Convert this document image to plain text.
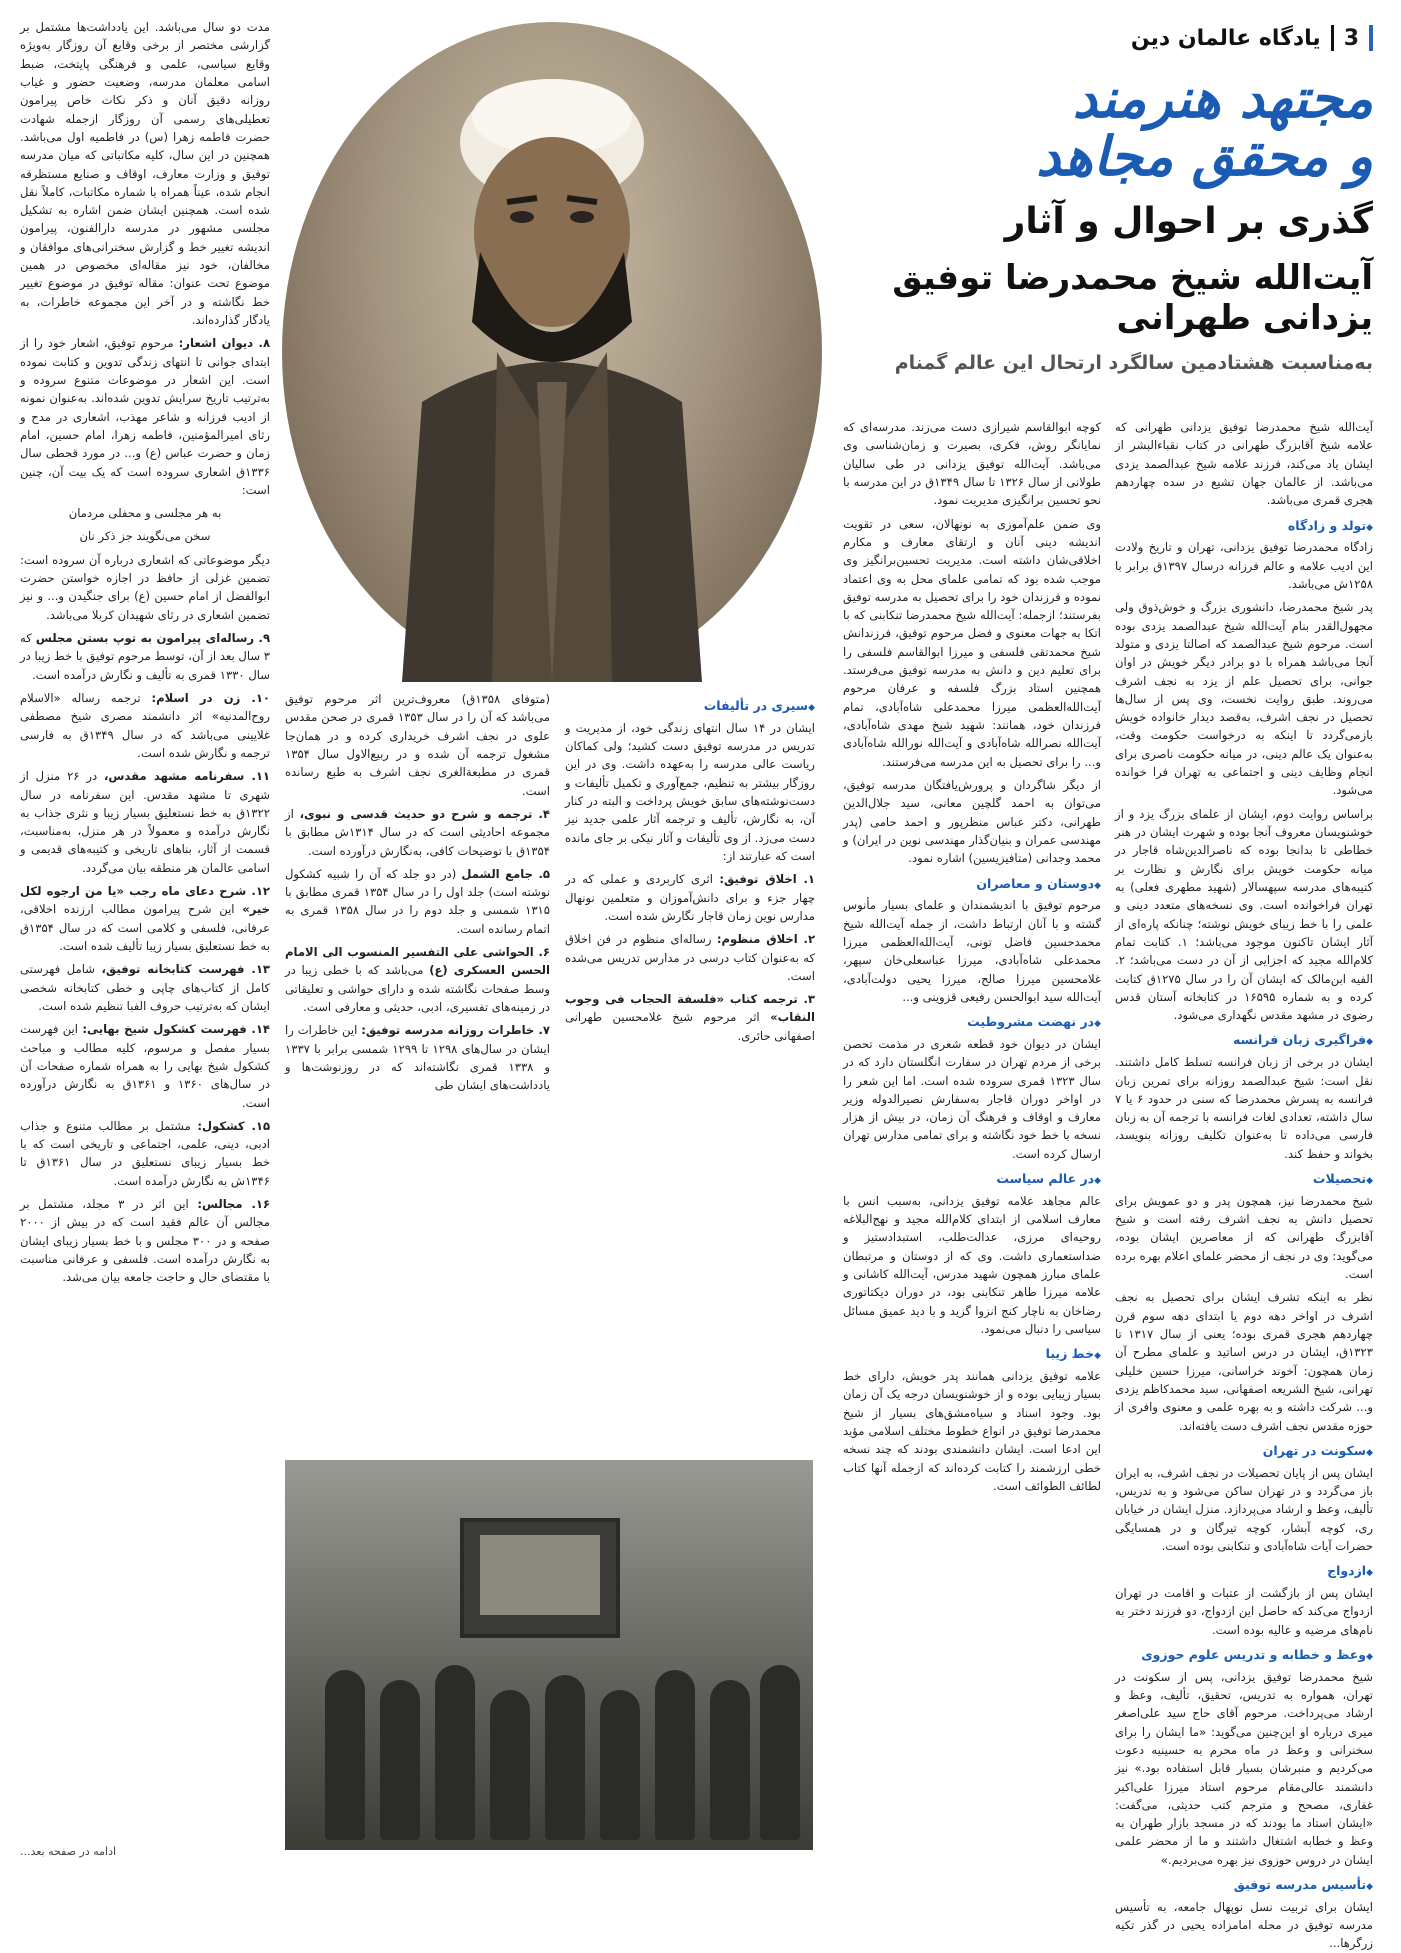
3
یادگاه عالمان دین
مجتهد هنرمند
و محقق مجاهد
گذری بر احوال و آثار
آیت‌الله شیخ محمدرضا توفیق یزدانی طهرانی
به‌مناسبت هشتادمین سالگرد ارتحال این عالم گمنام

آیت‌الله شیخ محمدرضا توفیق یزدانی طهرانی که علامه شیخ آقابزرگ طهرانی در کتاب نقباءالبشر از ایشان یاد می‌کند، فرزند علامه شیخ عبدالصمد یزدی می‌باشد. از عالمان جهان تشیع در سده چهاردهم هجری قمری می‌باشد.

◆ تولد و زادگاه

زادگاه محمدرضا توفیق یزدانی، تهران و تاریخ ولادت این ادیب علامه و عالم فرزانه درسال ۱۳۹۷ق برابر با ۱۲۵۸ش می‌باشد.

پدر شیخ محمدرضا، دانشوری بزرگ و خوش‌ذوق ولی مجهول‌القدر بنام آیت‌الله شیخ عبدالصمد یزدی بوده است. مرحوم شیخ عبدالصمد که اصالتا یزدی و متولد آنجا می‌باشد همراه با دو برادر دیگر خویش در اوان جوانی، برای تحصیل علم از یزد به نجف اشرف می‌روند. طبق روایت نخست، وی پس از سال‌ها تحصیل در نجف اشرف، به‌قصد دیدار خانواده خویش بازمی‌گردد تا اینکه به درخواست حکومت وقت، به‌عنوان یک عالم دینی، در میانه حکومت ناصری برای انجام وظایف دینی و اجتماعی به تهران فرا خوانده می‌شود.

براساس روایت دوم، ایشان از علمای بزرگ یزد و از خوشنویسان معروف آنجا بوده و شهرت ایشان در هنر خطاطی تا بدانجا بوده که ناصرالدین‌شاه قاجار در میانه حکومت خویش برای نگارش و نظارت بر کتیبه‌های مدرسه سپهسالار (شهید مطهری فعلی) به تهران فراخوانده است. وی نسخه‌های متعدد دینی و علمی را با خط زیبای خویش نوشته؛ چنانکه پاره‌ای از آثار ایشان تاکنون موجود می‌باشد؛ ۱. کتابت تمام کلام‌الله مجید که اجزایی از آن در دست می‌باشد؛ ۲. الفیه ابن‌مالک که ایشان آن را در سال ۱۲۷۵ق کتابت کرده و به شماره ۱۶۵۹۵ در کتابخانه آستان قدس رضوی در مشهد مقدس نگهداری می‌شود.

◆ فراگیری زبان فرانسه

ایشان در برخی از زبان فرانسه تسلط کامل داشتند. نقل است: شیخ عبدالصمد روزانه برای تمرین زبان فرانسه به پسرش محمدرضا که سنی در حدود ۶ یا ۷ سال داشته، تعدادی لغات فرانسه با ترجمه آن به زبان فارسی می‌داده تا به‌عنوان تکلیف روزانه بنویسد، بخواند و حفظ کند.

◆ تحصیلات

شیخ محمدرضا نیز، همچون پدر و دو عمویش برای تحصیل دانش به نجف اشرف رفته است و شیخ آقابزرگ طهرانی که از معاصرین ایشان بوده، می‌گوید: وی در نجف از محضر علمای اعلام بهره برده است.

نظر به اینکه تشرف ایشان برای تحصیل به نجف اشرف در اواخر دهه دوم یا ابتدای دهه سوم قرن چهاردهم هجری قمری بوده؛ یعنی از سال ۱۳۱۷ تا ۱۳۲۳ق، ایشان در درس اساتید و علمای مطرح آن زمان همچون: آخوند خراسانی، میرزا حسین خلیلی تهرانی، شیخ الشریعه اصفهانی، سید محمدکاظم یزدی و... شرکت داشته و به بهره علمی و معنوی وافری از حوزه مقدس نجف اشرف دست یافته‌اند.

◆ سکونت در تهران

ایشان پس از پایان تحصیلات در نجف اشرف، به ایران باز می‌گردد و در تهران ساکن می‌شود و به تدریس، تألیف، وعظ و ارشاد می‌پردازد. منزل ایشان در خیابان ری، کوچه آبشار، کوچه تیرگان و در همسایگی حضرات آیات شاه‌آبادی و تنکابنی بوده است.

◆ ازدواج

ایشان پس از بازگشت از عتبات و اقامت در تهران ازدواج می‌کند که حاصل این ازدواج، دو فرزند دختر به نام‌های مرضیه و عالیه بوده است.

◆ وعظ و خطابه و تدریس علوم حوزوی

شیخ محمدرضا توفیق یزدانی، پس از سکونت در تهران، همواره به تدریس، تحقیق، تألیف، وعظ و ارشاد می‌پرداخت. مرحوم آقای حاج سید علی‌اصغر میری درباره او این‌چنین می‌گوید: «ما ایشان را برای سخنرانی و وعظ در ماه محرم به حسینیه دعوت می‌کردیم و منبرشان بسیار قابل استفاده بود.» نیز دانشمند عالی‌مقام مرحوم استاد میرزا علی‌اکبر غفاری، مصحح و مترجم کتب حدیثی، می‌گفت: «ایشان استاد ما بودند که در مسجد بازار طهران به وعظ و خطابه اشتغال داشتند و ما از محضر علمی ایشان در دروس حوزوی نیز بهره می‌بردیم.»

◆ تأسیس مدرسه توفیق

ایشان برای تربیت نسل نوپهال جامعه، به تأسیس مدرسه توفیق در محله امامزاده یحیی در گذر تکیه زرگرها...

کوچه ابوالقاسم شیرازی دست می‌زند. مدرسه‌ای که نمایانگر روش، فکری، بصیرت و زمان‌شناسی وی می‌باشد. آیت‌الله توفیق یزدانی در طی سالیان طولانی از سال ۱۳۲۶ تا سال ۱۳۴۹ق در این مدرسه با نحو تحسین برانگیزی مدیریت نمود.

وی ضمن علم‌آموزی به نونهالان، سعی در تقویت اندیشه دینی آنان و ارتقای معارف و مکارم اخلاقی‌شان داشته است. مدیریت تحسین‌برانگیز وی موجب شده بود که تمامی علمای محل به وی اعتماد نموده و فرزندان خود را برای تحصیل به مدرسه توفیق بفرستند؛ ازجمله: آیت‌الله شیخ محمدرضا تنکابنی که با اتکا به جهات معنوی و فضل مرحوم توفیق، فرزندانش شیخ محمدتقی فلسفی و میرزا ابوالقاسم فلسفی را برای تعلیم دین و دانش به مدرسه توفیق می‌فرستد. همچنین استاد بزرگ فلسفه و عرفان مرحوم آیت‌الله‌العظمی میرزا محمدعلی شاه‌آبادی، تمام فرزندان خود، همانند: شهید شیخ مهدی شاه‌آبادی، آیت‌الله نصرالله شاه‌آبادی و آیت‌الله نورالله شاه‌آبادی و... را برای تحصیل به این مدرسه می‌فرستند.

از دیگر شاگردان و پرورش‌یافتگان مدرسه توفیق، می‌توان به احمد گلچین معانی، سید جلال‌الدین طهرانی، دکتر عباس منظرپور و احمد حامی (پدر مهندسی عمران و بنیان‌گذار مهندسی نوین در ایران) و محمد وجدانی (متافیزیسین) اشاره نمود.

◆ دوستان و معاصران

مرحوم توفیق با اندیشمندان و علمای بسیار مأنوس گشته و با آنان ارتباط داشت، از جمله آیت‌الله شیخ محمدحسین فاضل تونی، آیت‌الله‌العظمی میرزا محمدعلی شاه‌آبادی، میرزا عباسعلی‌خان سپهر، غلامحسین میرزا صالح، میرزا یحیی دولت‌آبادی، آیت‌الله سید ابوالحسن رفیعی قزوینی و...

◆ در نهضت مشروطیت

ایشان در دیوان خود قطعه شعری در مذمت تحصن برخی از مردم تهران در سفارت انگلستان دارد که در سال ۱۳۲۳ قمری سروده شده است. اما این شعر را در اواخر دوران قاجار به‌سفارش نصیرالدوله وزیر معارف و اوقاف و فرهنگ آن زمان، در بیش از هزار نسخه با خط خود نگاشته و برای تمامی مدارس تهران ارسال کرده است.

◆ در عالم سیاست

عالم مجاهد علامه توفیق یزدانی، به‌سبب انس با معارف اسلامی از ابتدای کلام‌الله مجید و نهج‌البلاغه روحیه‌ای مرزی، عدالت‌طلب، استبدادستیز و ضداستعماری داشت. وی که از دوستان و مرتبطان علمای مبارز همچون شهید مدرس، آیت‌الله کاشانی و علامه میرزا طاهر تنکابنی بود، در دوران دیکتاتوری رضاخان به ناچار کنج انزوا گزید و با دید عمیق مسائل سیاسی را دنبال می‌نمود.

◆ خط زیبا

علامه توفیق یزدانی همانند پدر خویش، دارای خط بسیار زیبایی بوده و از خوشنویسان درجه یک آن زمان بود. وجود اسناد و سیاه‌مشق‌های بسیار از شیخ محمدرضا توفیق در انواع خطوط مختلف اسلامی مؤید این ادعا است. ایشان دانشمندی بودند که چند نسخه خطی ارزشمند را کتابت کرده‌اند که ازجمله آنها کتاب لطائف الطوائف است.

◆ سیری در تألیفات

ایشان در ۱۴ سال انتهای زندگی خود، از مدیریت و تدریس در مدرسه توفیق دست کشید؛ ولی کماکان ریاست عالی مدرسه را به‌عهده داشت. وی در این روزگار بیشتر به تنظیم، جمع‌آوری و تکمیل تألیفات و دست‌نوشته‌های سابق خویش پرداخت و البته در کنار آن، به نگارش، تألیف و ترجمه آثار علمی جدید نیز دست می‌زد. از وی تألیفات و آثار نیکی بر جای مانده است که عبارتند از:

۱. اخلاق توفیق: اثری کاربردی و عملی که در چهار جزء و برای دانش‌آموزان و متعلمین نونهال مدارس نوین زمان قاجار نگارش شده است.

۲. اخلاق منظوم: رساله‌ای منظوم در فن اخلاق که به‌عنوان کتاب درسی در مدارس تدریس می‌شده است.

۳. ترجمه کتاب «فلسفة الحجاب فی وجوب النقاب» اثر مرحوم شیخ غلامحسین طهرانی اصفهانی حائری.

(متوفای ۱۳۵۸ق) معروف‌ترین اثر مرحوم توفیق می‌باشد که آن را در سال ۱۳۵۳ قمری در صحن مقدس علوی در نجف اشرف خریداری کرده و در همان‌جا مشغول ترجمه آن شده و در ربیع‌الاول سال ۱۳۵۴ قمری در مطبعةالغری نجف اشرف به طبع رسانده است.

۴. ترجمه و شرح دو حدیث قدسی و نبوی، از مجموعه احادیثی است که در سال ۱۳۱۴ش مطابق با ۱۳۵۴ق با توضیحات کافی، به‌نگارش درآورده است.

۵. جامع الشمل (در دو جلد که آن را شبیه کشکول نوشته است) جلد اول را در سال ۱۳۵۴ قمری مطابق با ۱۳۱۵ شمسی و جلد دوم را در سال ۱۳۵۸ قمری به اتمام رسانده است.

۶. الحواشی علی التفسیر المنسوب الی الامام الحسن العسکری (ع) می‌باشد که با خطی زیبا در وسط صفحات نگاشته شده و دارای حواشی و تعلیقاتی در زمینه‌های تفسیری، ادبی، حدیثی و معارفی است.

۷. خاطرات روزانه مدرسه توفیق: این خاطرات را ایشان در سال‌های ۱۲۹۸ تا ۱۲۹۹ شمسی برابر با ۱۳۳۷ و ۱۳۳۸ قمری نگاشته‌اند که در روزنوشت‌ها و یادداشت‌های ایشان طی

مدت دو سال می‌باشد. این یادداشت‌ها مشتمل بر گزارشی مختصر از برخی وقایع آن روزگار به‌ویژه وقایع سیاسی، علمی و فرهنگی پایتخت، ضبط اسامی معلمان مدرسه، وضعیت حضور و غیاب روزانه دقیق آنان و ذکر نکات خاص پیرامون تعطیلی‌های رسمی آن روزگار ازجمله شهادت حضرت فاطمه زهرا (س) در فاطمیه اول می‌باشد. همچنین در این سال، کلیه مکاتباتی که میان مدرسه توفیق و وزارت معارف، اوقاف و صنایع مستظرفه انجام شده، عیناً همراه با شماره مکاتبات، کاملاً نقل شده است. همچنین ایشان ضمن اشاره به تشکیل مجلسی مشهور در مدرسه دارالفنون، پیرامون اندیشه تغییر خط و گزارش سخنرانی‌های موافقان و مخالفان، خود نیز مقاله‌ای مخصوص در همین موضوع تحت عنوان: مقاله توفیق در موضوع تغییر خط نگاشته و در آخر این مجموعه خاطرات، به یادگار گذارده‌اند.

۸. دیوان اشعار: مرحوم توفیق، اشعار خود را از ابتدای جوانی تا انتهای زندگی تدوین و کتابت نموده است. این اشعار در موضوعات متنوع سروده و به‌ترتیب تاریخ سرایش تدوین شده‌اند. به‌عنوان نمونه از ادیب فرزانه و شاعر مهذب، اشعاری در مدح و رثای امیرالمؤمنین، فاطمه زهرا، امام حسین، امام زمان و حضرت عباس (ع) و... در مورد قحطی سال ۱۳۳۶ق اشعاری سروده است که یک بیت آن، چنین است:

به هر مجلسی و محفلی مردمان

سخن می‌نگویند جز ذکر نان

دیگر موضوعاتی که اشعاری درباره آن سروده است: تضمین غزلی از حافظ در اجازه خواستن حضرت ابوالفضل از امام حسین (ع) برای جنگیدن و... و نیز تضمین اشعاری در رثای شهیدان کربلا می‌باشد.

۹. رساله‌ای پیرامون به توپ بستن مجلس که ۳ سال بعد از آن، توسط مرحوم توفیق با خط زیبا در سال ۱۳۳۰ قمری به تألیف و نگارش درآمده است.

۱۰. زن در اسلام: ترجمه رساله «الاسلام روح‌المدنیه» اثر دانشمند مصری شیخ مصطفی غلایینی می‌باشد که در سال ۱۳۴۹ق به فارسی ترجمه و نگارش شده است.

۱۱. سفرنامه مشهد مقدس، در ۲۶ منزل از شهری تا مشهد مقدس. این سفرنامه در سال ۱۳۲۲ق به خط نستعلیق بسیار زیبا و نثری جذاب به نگارش درآمده و معمولاً در هر منزل، به‌مناسبت، قسمت از آثار، بناهای تاریخی و کتیبه‌های قدیمی و اسامی عالمان هر منطقه بیان می‌گردد.

۱۲. شرح دعای ماه رجب «یا من ارجوه لکل خیر» این شرح پیرامون مطالب ارزنده اخلاقی، عرفانی، فلسفی و کلامی است که در سال ۱۳۵۴ق به خط نستعلیق بسیار زیبا تألیف شده است.

۱۳. فهرست کتابخانه توفیق، شامل فهرستی کامل از کتاب‌های چاپی و خطی کتابخانه شخصی ایشان که به‌ترتیب حروف الفبا تنظیم شده است.

۱۴. فهرست کشکول شیخ بهایی: این فهرست بسیار مفصل و مرسوم، کلیه مطالب و مباحث کشکول شیخ بهایی را به همراه شماره صفحات آن در سال‌های ۱۳۶۰ و ۱۳۶۱ق به نگارش درآورده است.

۱۵. کشکول: مشتمل بر مطالب متنوع و جذاب ادبی، دینی، علمی، اجتماعی و تاریخی است که با خط بسیار زیبای نستعلیق در سال ۱۳۶۱ق تا ۱۳۴۶ش به نگارش درآمده است.

۱۶. مجالس: این اثر در ۳ مجلد، مشتمل بر مجالس آن عالم فقید است که در بیش از ۲۰۰۰ صفحه و در ۳۰۰ مجلس و با خط بسیار زیبای ایشان به نگارش درآمده است. فلسفی و عرفانی مناسبت با مقتضای حال و حاجت جامعه بیان می‌شد.

ادامه در صفحه بعد...
